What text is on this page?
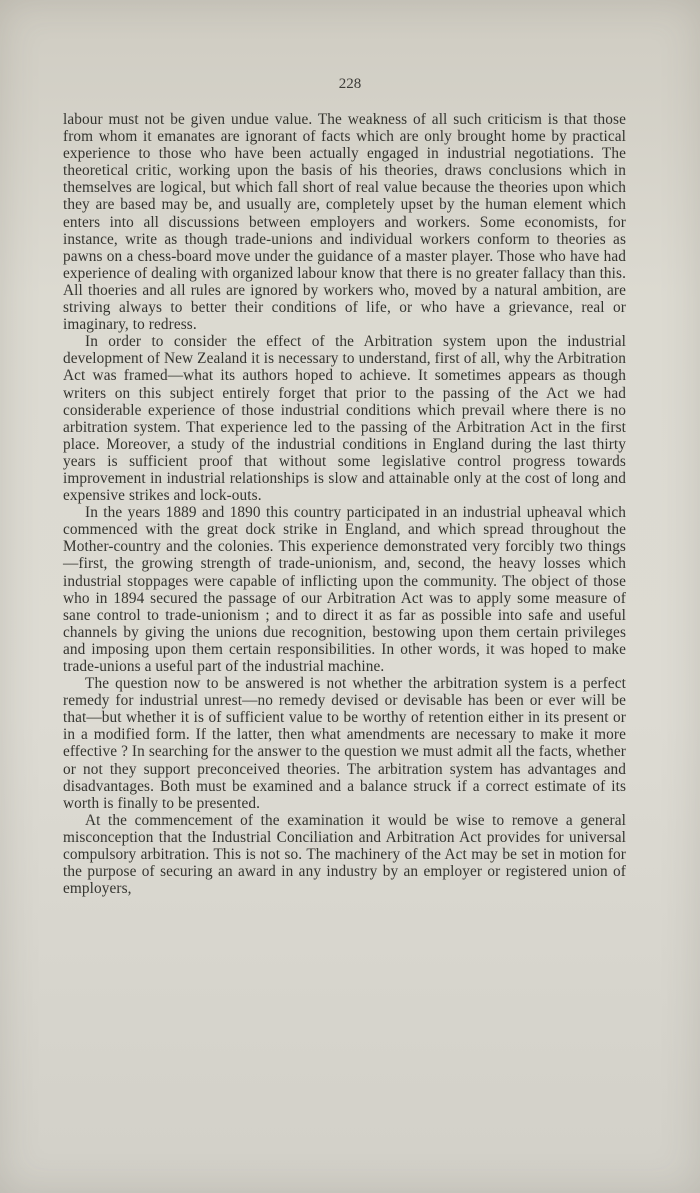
228

labour must not be given undue value. The weakness of all such criticism is that those from whom it emanates are ignorant of facts which are only brought home by practical experience to those who have been actually engaged in industrial negotiations. The theoretical critic, working upon the basis of his theories, draws conclusions which in themselves are logical, but which fall short of real value because the theories upon which they are based may be, and usually are, completely upset by the human element which enters into all discussions between employers and workers. Some economists, for instance, write as though trade-unions and individual workers conform to theories as pawns on a chess-board move under the guidance of a master player. Those who have had experience of dealing with organized labour know that there is no greater fallacy than this. All thoeries and all rules are ignored by workers who, moved by a natural ambition, are striving always to better their conditions of life, or who have a grievance, real or imaginary, to redress.

In order to consider the effect of the Arbitration system upon the industrial development of New Zealand it is necessary to understand, first of all, why the Arbitration Act was framed—what its authors hoped to achieve. It sometimes appears as though writers on this subject entirely forget that prior to the passing of the Act we had considerable experience of those industrial conditions which prevail where there is no arbitration system. That experience led to the passing of the Arbitration Act in the first place. Moreover, a study of the industrial conditions in England during the last thirty years is sufficient proof that without some legislative control progress towards improvement in industrial relationships is slow and attainable only at the cost of long and expensive strikes and lock-outs.

In the years 1889 and 1890 this country participated in an industrial upheaval which commenced with the great dock strike in England, and which spread throughout the Mother-country and the colonies. This experience demonstrated very forcibly two things—first, the growing strength of trade-unionism, and, second, the heavy losses which industrial stoppages were capable of inflicting upon the community. The object of those who in 1894 secured the passage of our Arbitration Act was to apply some measure of sane control to trade-unionism ; and to direct it as far as possible into safe and useful channels by giving the unions due recognition, bestowing upon them certain privileges and imposing upon them certain responsibilities. In other words, it was hoped to make trade-unions a useful part of the industrial machine.

The question now to be answered is not whether the arbitration system is a perfect remedy for industrial unrest—no remedy devised or devisable has been or ever will be that—but whether it is of sufficient value to be worthy of retention either in its present or in a modified form. If the latter, then what amendments are necessary to make it more effective ? In searching for the answer to the question we must admit all the facts, whether or not they support preconceived theories. The arbitration system has advantages and disadvantages. Both must be examined and a balance struck if a correct estimate of its worth is finally to be presented.

At the commencement of the examination it would be wise to remove a general misconception that the Industrial Conciliation and Arbitration Act provides for universal compulsory arbitration. This is not so. The machinery of the Act may be set in motion for the purpose of securing an award in any industry by an employer or registered union of employers,
